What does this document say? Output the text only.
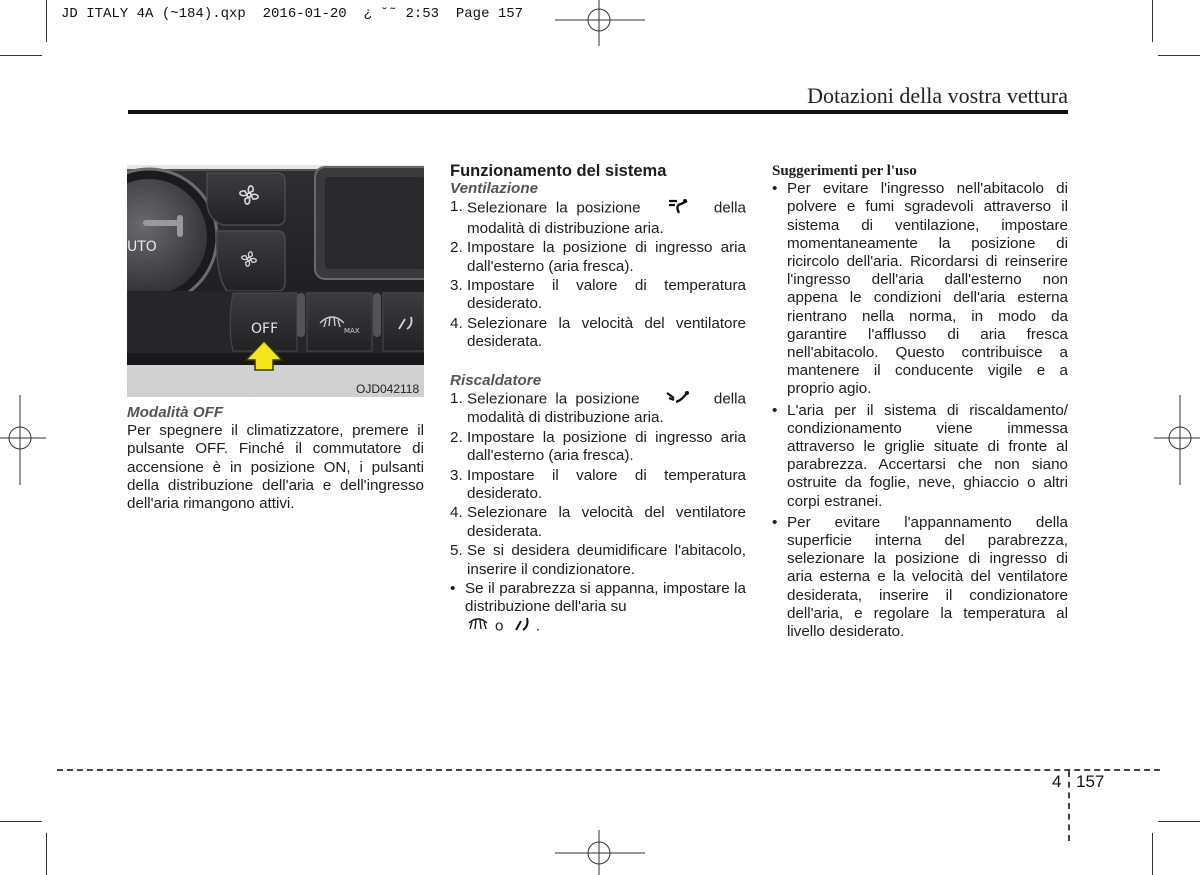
JD ITALY 4A (~184).qxp  2016-01-20  ¿ ˘˜ 2:53  Page 157
Dotazioni della vostra vettura
UTO
OFF	MAX
OJD042118

Modalità OFF

Per spegnere il climatizzatore, premere il pulsante OFF. Finché il commutatore di accensione è in posizione ON, i pulsanti della distribuzione dell'aria e dell'ingresso dell'aria rimangono attivi.

Funzionamento del sistema

Ventilazione

1. Selezionare la posizione	della modalità di distribuzione aria.
2. Impostare la posizione di ingresso aria dall'esterno (aria fresca).
3. Impostare il valore di temperatura desiderato.
4. Selezionare la velocità del ventilatore desiderata.

Riscaldatore

1. Selezionare la posizione	della modalità di distribuzione aria.
2. Impostare la posizione di ingresso aria dall'esterno (aria fresca).
3. Impostare il valore di temperatura desiderato.
4. Selezionare la velocità del ventilatore desiderata.
5. Se si desidera deumidificare l'abitacolo, inserire il condizionatore.
• Se il parabrezza si appanna, impostare la distribuzione dell'aria su
o .

Suggerimenti per l'uso

• Per evitare l'ingresso nell'abitacolo di polvere e fumi sgradevoli attraverso il sistema di ventilazione, impostare momentaneamente la posizione di ricircolo dell'aria. Ricordarsi di reinserire l'ingresso dell'aria dall'esterno non appena le condizioni dell'aria esterna rientrano nella norma, in modo da garantire l'afflusso di aria fresca nell'abitacolo. Questo contribuisce a mantenere il conducente vigile e a proprio agio.
• L'aria per il sistema di riscaldamento/ condizionamento viene immessa attraverso le griglie situate di fronte al parabrezza. Accertarsi che non siano ostruite da foglie, neve, ghiaccio o altri corpi estranei.
• Per evitare l'appannamento della superficie interna del parabrezza, selezionare la posizione di ingresso di aria esterna e la velocità del ventilatore desiderata, inserire il condizionatore dell'aria, e regolare la temperatura al livello desiderato.
4 157
